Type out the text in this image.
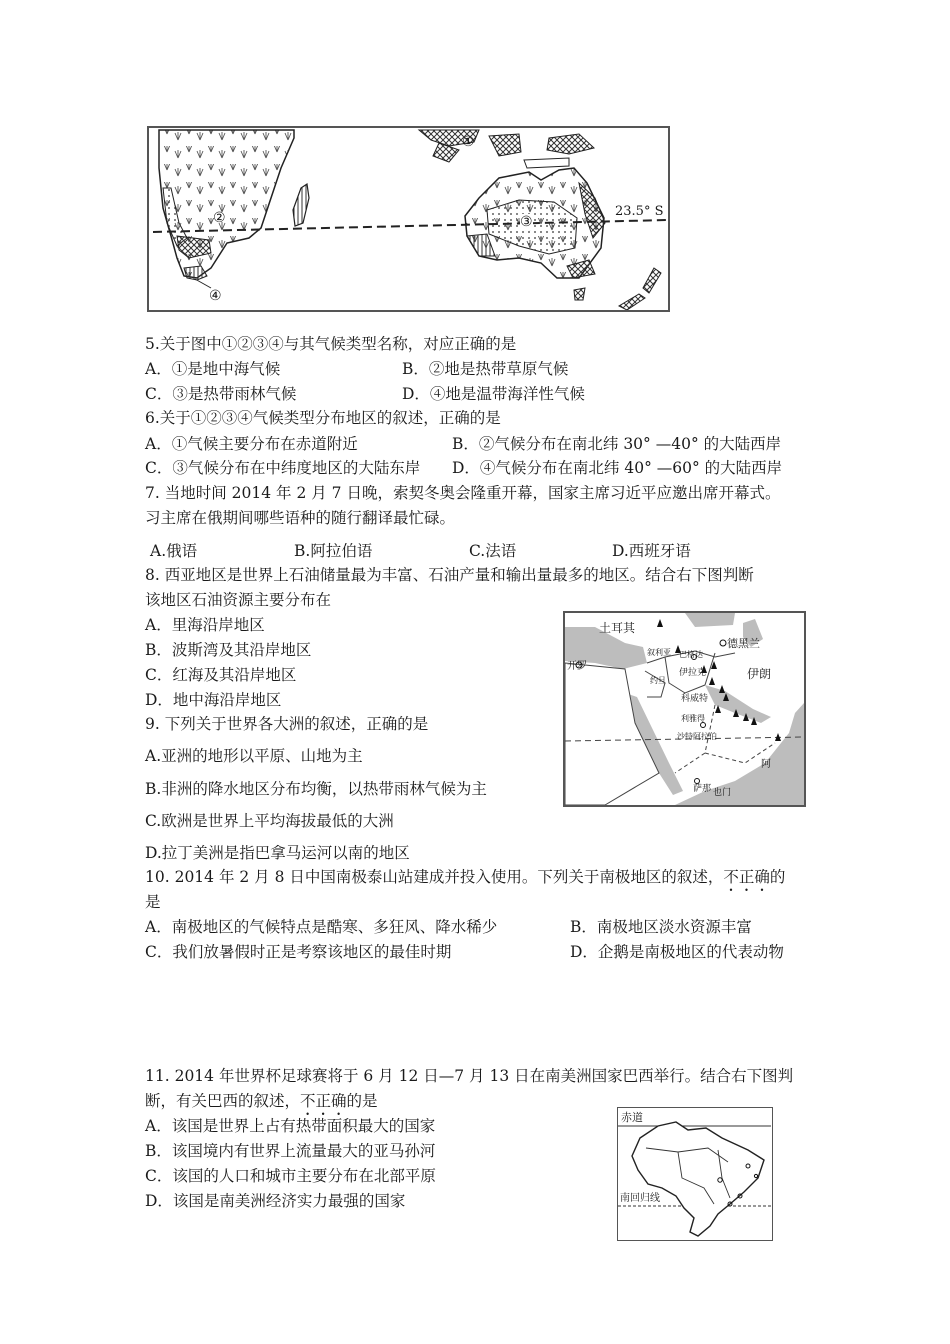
①
②	③
④
23.5° S
5.关于图中①②③④与其气候类型名称，对应正确的是
A．①是地中海气候	B．②地是热带草原气候
C．③是热带雨林气候	D．④地是温带海洋性气候
6.关于①②③④气候类型分布地区的叙述，正确的是
A．①气候主要分布在赤道附近	B．②气候分布在南北纬 30° —40° 的大陆西岸
C．③气候分布在中纬度地区的大陆东岸 D．④气候分布在南北纬 40° —60° 的大陆西岸
7. 当地时间 2014 年 2 月 7 日晚，索契冬奥会隆重开幕，国家主席习近平应邀出席开幕式。
习主席在俄期间哪些语种的随行翻译最忙碌。
A.俄语	B.阿拉伯语	C.法语	D.西班牙语
8. 西亚地区是世界上石油储量最为丰富、石油产量和输出量最多的地区。结合右下图判断
该地区石油资源主要分布在
A．里海沿岸地区
B．波斯湾及其沿岸地区
C．红海及其沿岸地区
D．地中海沿岸地区
土耳其
德黑兰
伊朗
开罗
叙利亚 巴格达
伊拉克
约旦
科威特
利雅得
沙特阿拉伯
萨那 也门
阿
9. 下列关于世界各大洲的叙述，正确的是
A.亚洲的地形以平原、山地为主
B.非洲的降水地区分布均衡，以热带雨林气候为主
C.欧洲是世界上平均海拔最低的大洲
D.拉丁美洲是指巴拿马运河以南的地区
10. 2014 年 2 月 8 日中国南极泰山站建成并投入使用。下列关于南极地区的叙述，不正确的
是
A．南极地区的气候特点是酷寒、多狂风、降水稀少	B．南极地区淡水资源丰富
C．我们放暑假时正是考察该地区的最佳时期	D．企鹅是南极地区的代表动物
11. 2014 年世界杯足球赛将于 6 月 12 日—7 月 13 日在南美洲国家巴西举行。结合右下图判
断，有关巴西的叙述，不正确的是
A．该国是世界上占有热带面积最大的国家
B．该国境内有世界上流量最大的亚马孙河
C．该国的人口和城市主要分布在北部平原
D．该国是南美洲经济实力最强的国家
赤道
南回归线
